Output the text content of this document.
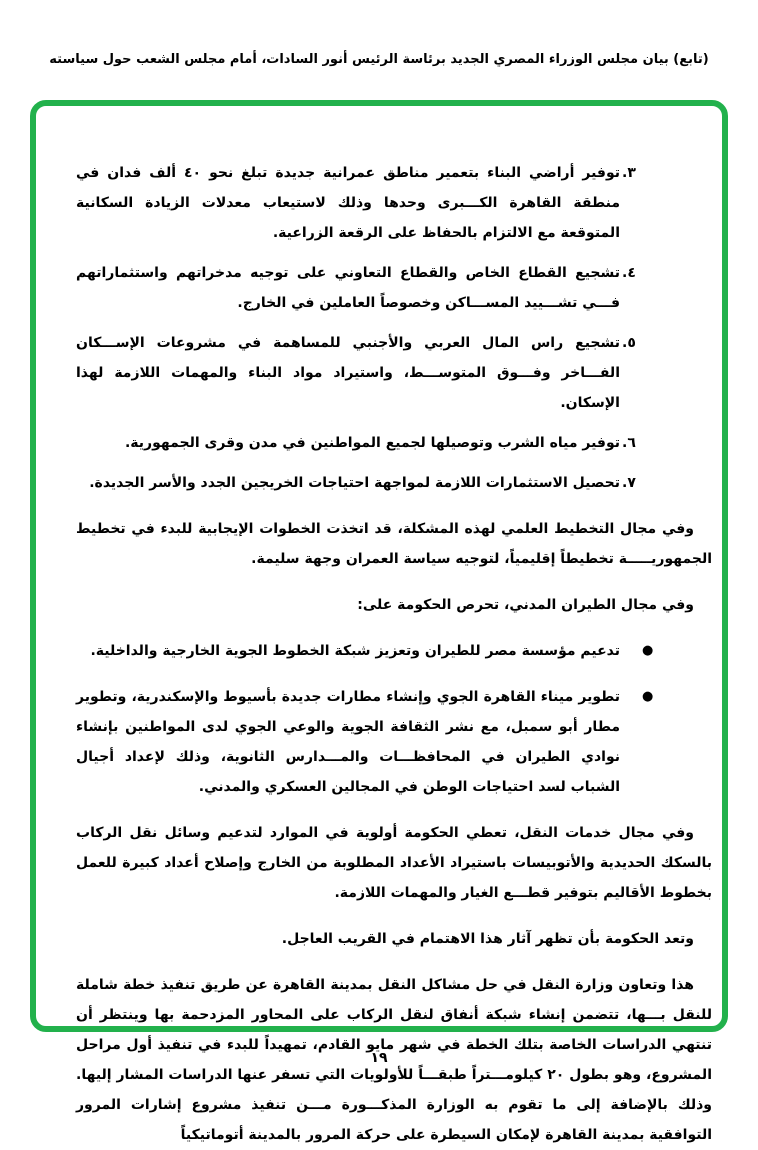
(تابع) بيان مجلس الوزراء المصري الجديد برئاسة الرئيس أنور السادات، أمام مجلس الشعب حول سياسته
٣.
توفير أراضي البناء بتعمير مناطق عمرانية جديدة تبلغ نحو ٤٠ ألف فدان في منطقة القاهرة الكـــبرى وحدها وذلك لاستيعاب معدلات الزيادة السكانية المتوقعة مع الالتزام بالحفاظ على الرقعة الزراعية.
٤.
تشجيع القطاع الخاص والقطاع التعاوني على توجيه مدخراتهم واستثماراتهم فـــي تشـــييد المســـاكن وخصوصاً العاملين في الخارج.
٥.
تشجيع راس المال العربي والأجنبي للمساهمة في مشروعات الإســـكان الفـــاخر وفـــوق المتوســـط، واستيراد مواد البناء والمهمات اللازمة لهذا الإسكان.
٦.
توفير مياه الشرب وتوصيلها لجميع المواطنين في مدن وقرى الجمهورية.
٧.
تحصيل الاستثمارات اللازمة لمواجهة احتياجات الخريجين الجدد والأسر الجديدة.

وفي مجال التخطيط العلمي لهذه المشكلة، قد اتخذت الخطوات الإيجابية للبدء في تخطيط الجمهوريـــــة تخطيطاً إقليمياً، لتوجيه سياسة العمران وجهة سليمة.

وفي مجال الطيران المدني، تحرص الحكومة على:

●
تدعيم مؤسسة مصر للطيران وتعزيز شبكة الخطوط الجوية الخارجية والداخلية.
●
تطوير ميناء القاهرة الجوي وإنشاء مطارات جديدة بأسيوط والإسكندرية، وتطوير مطار أبو سمبل، مع نشر الثقافة الجوية والوعي الجوي لدى المواطنين بإنشاء نوادي الطيران في المحافظـــات والمـــدارس الثانوية، وذلك لإعداد أجيال الشباب لسد احتياجات الوطن في المجالين العسكري والمدني.

وفي مجال خدمات النقل، تعطي الحكومة أولوية في الموارد لتدعيم وسائل نقل الركاب بالسكك الحديدية والأتوبيسات باستيراد الأعداد المطلوبة من الخارج وإصلاح أعداد كبيرة للعمل بخطوط الأقاليم بتوفير قطـــع الغيار والمهمات اللازمة.

وتعد الحكومة بأن تظهر آثار هذا الاهتمام في القريب العاجل.

هذا وتعاون وزارة النقل في حل مشاكل النقل بمدينة القاهرة عن طريق تنفيذ خطة شاملة للنقل بـــها، تتضمن إنشاء شبكة أنفاق لنقل الركاب على المحاور المزدحمة بها وينتظر أن تنتهي الدراسات الخاصة بتلك الخطة في شهر مايو القادم، تمهيداً للبدء في تنفيذ أول مراحل المشروع، وهو بطول ٢٠ كيلومـــتراً طبقـــاً للأولويات التي تسفر عنها الدراسات المشار إليها. وذلك بالإضافة إلى ما تقوم به الوزارة المذكـــورة مـــن تنفيذ مشروع إشارات المرور التوافقية بمدينة القاهرة لإمكان السيطرة على حركة المرور بالمدينة أتوماتيكياً

١٩
